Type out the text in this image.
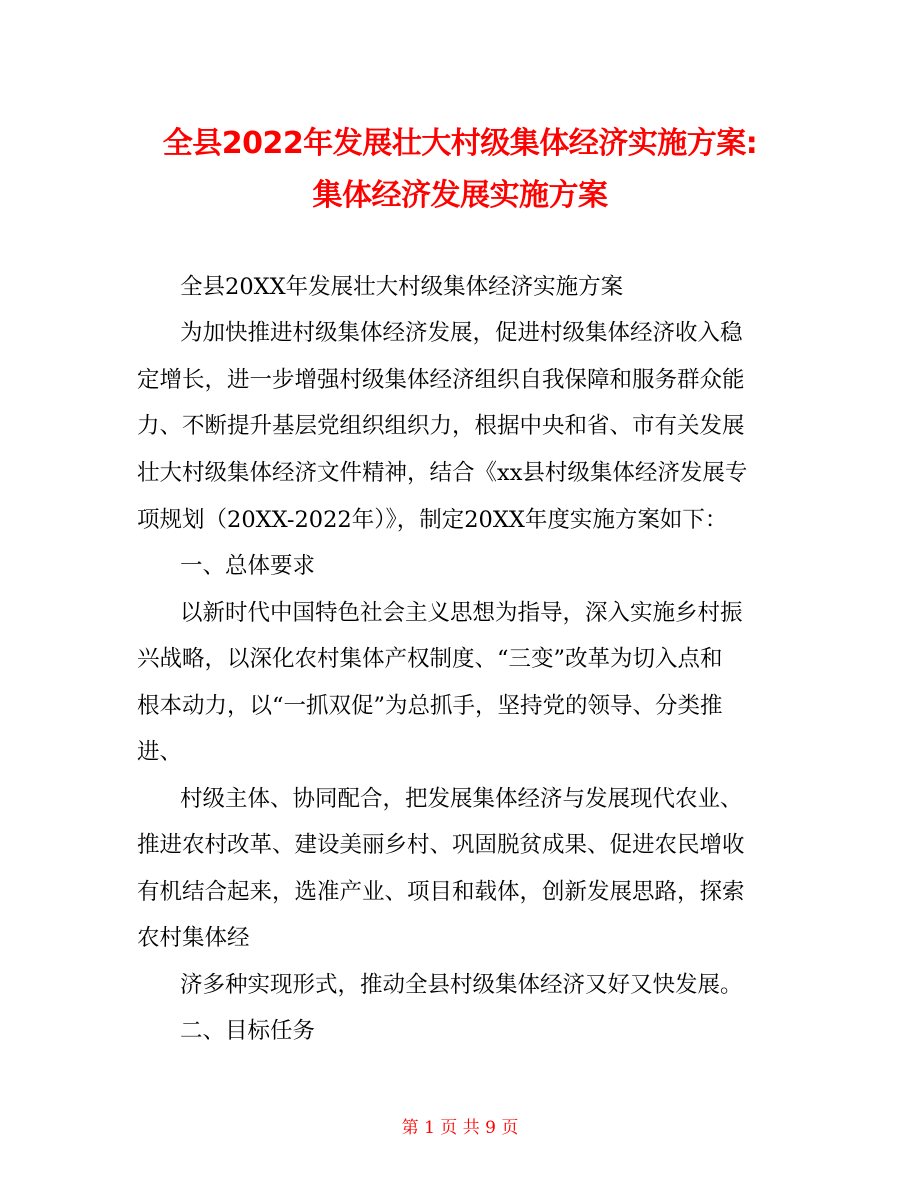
全县2022年发展壮大村级集体经济实施方案:
集体经济发展实施方案
全县20XX年发展壮大村级集体经济实施方案
为加快推进村级集体经济发展，促进村级集体经济收入稳
定增长，进一步增强村级集体经济组织自我保障和服务群众能
力、不断提升基层党组织组织力，根据中央和省、市有关发展
壮大村级集体经济文件精神，结合《xx县村级集体经济发展专
项规划（20XX-2022年）》，制定20XX年度实施方案如下：
一、总体要求
以新时代中国特色社会主义思想为指导，深入实施乡村振
兴战略，以深化农村集体产权制度、“三变”改革为切入点和
根本动力，以“一抓双促”为总抓手，坚持党的领导、分类推
进、
村级主体、协同配合，把发展集体经济与发展现代农业、
推进农村改革、建设美丽乡村、巩固脱贫成果、促进农民增收
有机结合起来，选准产业、项目和载体，创新发展思路，探索
农村集体经
济多种实现形式，推动全县村级集体经济又好又快发展。
二、目标任务
第 1 页 共 9 页
